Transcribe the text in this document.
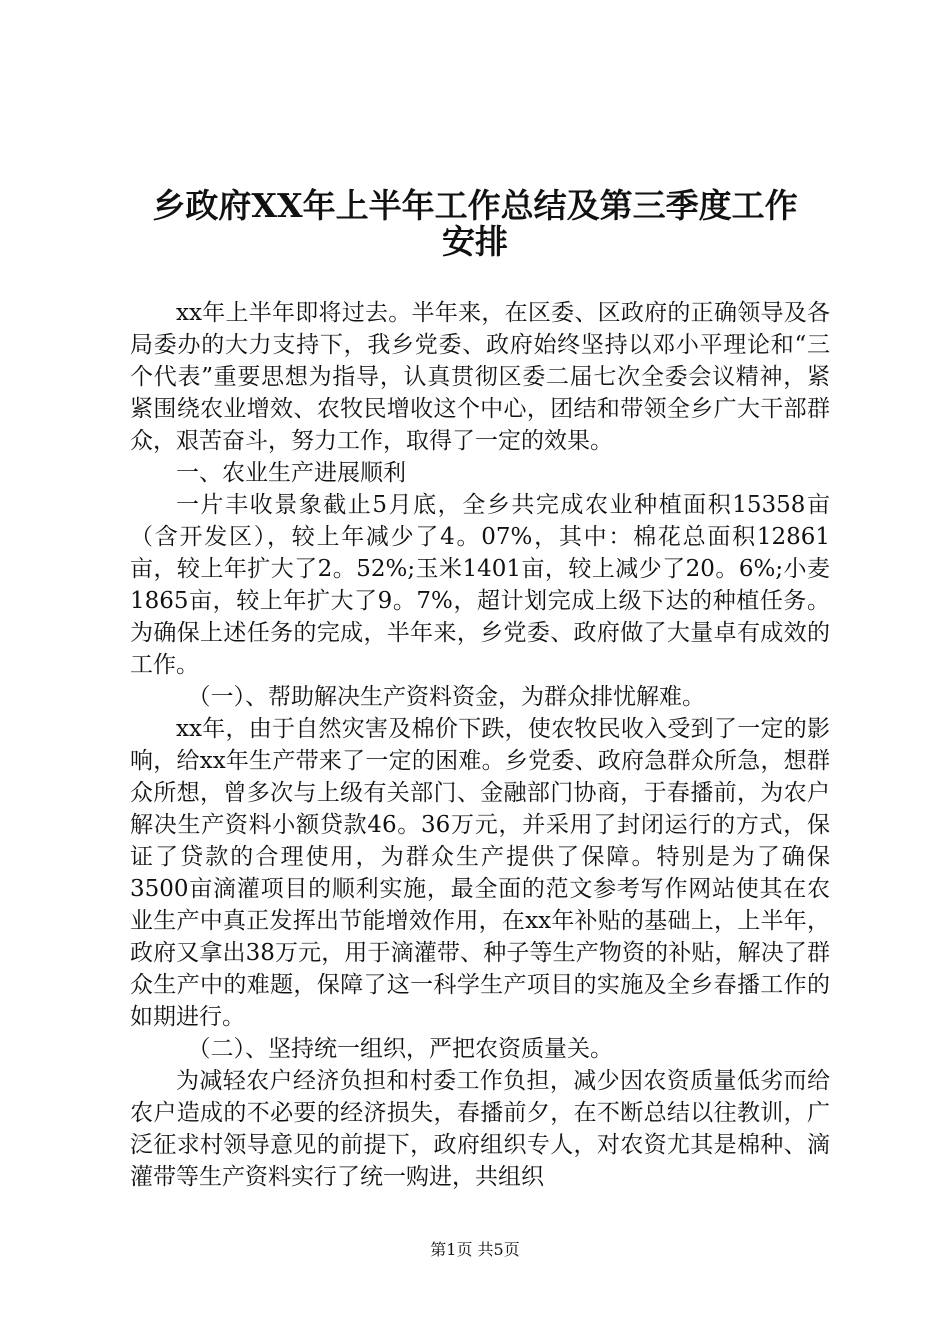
乡政府XX年上半年工作总结及第三季度工作
安排

xx年上半年即将过去。半年来，在区委、区政府的正确领导及各局委办的大力支持下，我乡党委、政府始终坚持以邓小平理论和“三个代表”重要思想为指导，认真贯彻区委二届七次全委会议精神，紧紧围绕农业增效、农牧民增收这个中心，团结和带领全乡广大干部群众，艰苦奋斗，努力工作，取得了一定的效果。

一、农业生产进展顺利

一片丰收景象截止5月底，全乡共完成农业种植面积15358亩（含开发区），较上年减少了4。07%，其中：棉花总面积12861亩，较上年扩大了2。52%;玉米1401亩，较上减少了20。6%;小麦1865亩，较上年扩大了9。7%，超计划完成上级下达的种植任务。为确保上述任务的完成，半年来，乡党委、政府做了大量卓有成效的工作。

（一）、帮助解决生产资料资金，为群众排忧解难。

xx年，由于自然灾害及棉价下跌，使农牧民收入受到了一定的影响，给xx年生产带来了一定的困难。乡党委、政府急群众所急，想群众所想，曾多次与上级有关部门、金融部门协商，于春播前，为农户解决生产资料小额贷款46。36万元，并采用了封闭运行的方式，保证了贷款的合理使用，为群众生产提供了保障。特别是为了确保3500亩滴灌项目的顺利实施，最全面的范文参考写作网站使其在农业生产中真正发挥出节能增效作用，在xx年补贴的基础上，上半年，政府又拿出38万元，用于滴灌带、种子等生产物资的补贴，解决了群众生产中的难题，保障了这一科学生产项目的实施及全乡春播工作的如期进行。

（二）、坚持统一组织，严把农资质量关。

为减轻农户经济负担和村委工作负担，减少因农资质量低劣而给农户造成的不必要的经济损失，春播前夕，在不断总结以往教训，广泛征求村领导意见的前提下，政府组织专人，对农资尤其是棉种、滴灌带等生产资料实行了统一购进，共组织

第1页 共5页
